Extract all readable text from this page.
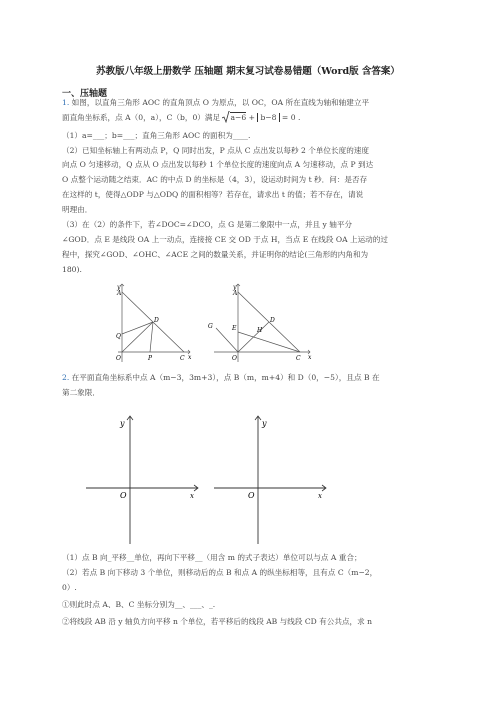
苏教版八年级上册数学 压轴题 期末复习试卷易错题（Word版 含答案）
一、压轴题
1. 如图，以直角三角形 AOC 的直角顶点 O 为原点，以 OC，OA 所在直线为轴和轴建立平
面直角坐标系，点 A（0，a），C（b，0）满足 a−6 + b−8 = 0 .
（1）a=___；b=___；直角三角形 AOC 的面积为____.
（2）已知坐标轴上有两动点 P，Q 同时出发，P 点从 C 点出发以每秒 2 个单位长度的速度
向点 O 匀速移动，Q 点从 O 点出发以每秒 1 个单位长度的速度向点 A 匀速移动，点 P 到达
O 点整个运动随之结束．AC 的中点 D 的坐标是（4，3），设运动时间为 t 秒．问：是否存
在这样的 t，使得△ODP 与△ODQ 的面积相等？若存在，请求出 t 的值；若不存在，请说
明理由．
（3）在（2）的条件下，若∠DOC=∠DCO，点 G 是第二象限中一点，并且 y 轴平分
∠GOD．点 E 是线段 OA 上一动点，连接接 CE 交 OD 于点 H，当点 E 在线段 OA 上运动的过
程中，探究∠GOD、∠OHC、∠ACE 之间的数量关系，并证明你的结论(三角形的内角和为
180).
y
A
Q
D
O	P	C x
y
A
G	E	H
D
O	C x
2. 在平面直角坐标系中点 A（m−3，3m+3），点 B（m，m+4）和 D（0，−5），且点 B 在
第二象限．
y
O	x
y
O	x
（1）点 B 向_平移__单位，再向下平移__（用含 m 的式子表达）单位可以与点 A 重合；
（2）若点 B 向下移动 3 个单位，则移动后的点 B 和点 A 的纵坐标相等，且有点 C（m−2，
0）.
①则此时点 A、B、C 坐标分别为__、___、_.
②将线段 AB 沿 y 轴负方向平移 n 个单位，若平移后的线段 AB 与线段 CD 有公共点，求 n
